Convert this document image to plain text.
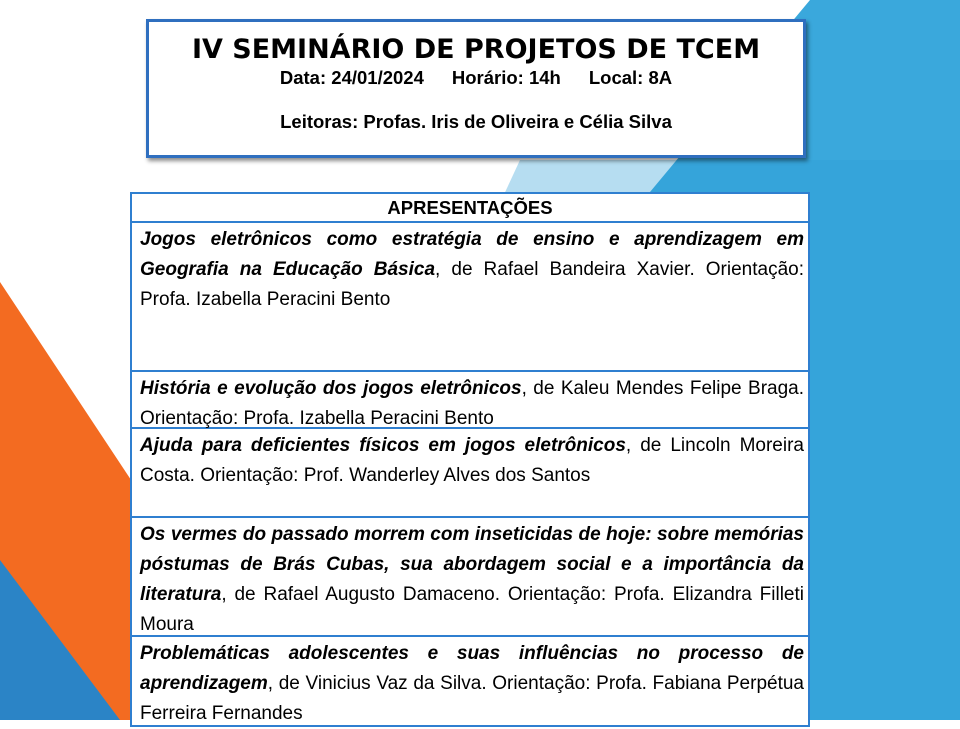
IV SEMINÁRIO DE PROJETOS DE TCEM
Data: 24/01/2024 Horário: 14h Local: 8A
Leitoras: Profas. Iris de Oliveira e Célia Silva
APRESENTAÇÕES
Jogos eletrônicos como estratégia de ensino e aprendizagem em Geografia na Educação Básica, de Rafael Bandeira Xavier. Orientação: Profa. Izabella Peracini Bento
História e evolução dos jogos eletrônicos, de Kaleu Mendes Felipe Braga. Orientação: Profa. Izabella Peracini Bento
Ajuda para deficientes físicos em jogos eletrônicos, de Lincoln Moreira Costa. Orientação: Prof. Wanderley Alves dos Santos
Os vermes do passado morrem com inseticidas de hoje: sobre memórias póstumas de Brás Cubas, sua abordagem social e a importância da literatura, de Rafael Augusto Damaceno. Orientação: Profa. Elizandra Filleti Moura
Problemáticas adolescentes e suas influências no processo de aprendizagem, de Vinicius Vaz da Silva. Orientação: Profa. Fabiana Perpétua Ferreira Fernandes
